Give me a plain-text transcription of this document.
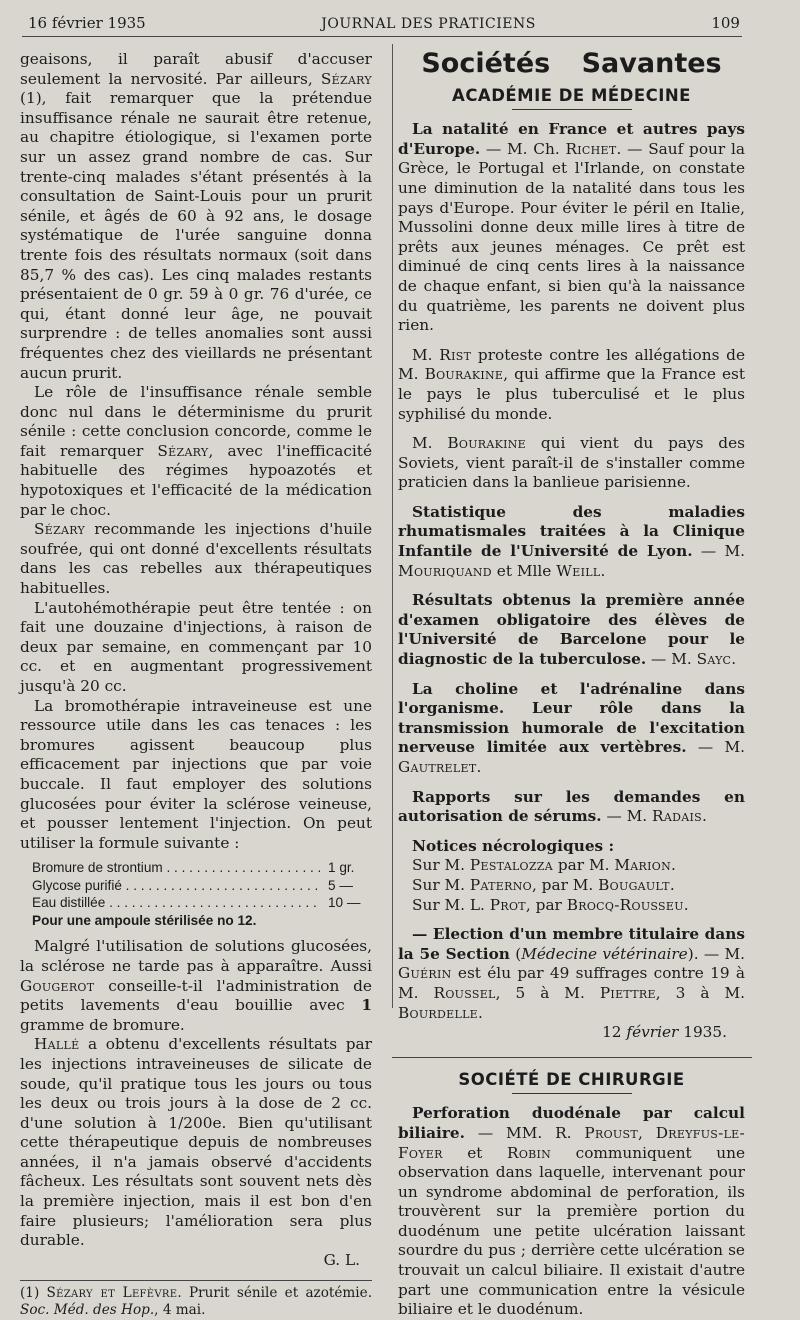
16 février 1935	JOURNAL DES PRATICIENS	109

geaisons, il paraît abusif d'accuser seulement la nervosité. Par ailleurs, Sézary (1), fait remarquer que la prétendue insuffisance rénale ne saurait être retenue, au chapitre étiologique, si l'examen porte sur un assez grand nombre de cas. Sur trente-cinq malades s'étant présentés à la consultation de Saint-Louis pour un prurit sénile, et âgés de 60 à 92 ans, le dosage systématique de l'urée sanguine donna trente fois des résultats normaux (soit dans 85,7 % des cas). Les cinq malades restants présentaient de 0 gr. 59 à 0 gr. 76 d'urée, ce qui, étant donné leur âge, ne pouvait surprendre : de telles anomalies sont aussi fréquentes chez des vieillards ne présentant aucun prurit.

Le rôle de l'insuffisance rénale semble donc nul dans le déterminisme du prurit sénile : cette conclusion concorde, comme le fait remarquer Sézary, avec l'inefficacité habituelle des régimes hypoazotés et hypotoxiques et l'efficacité de la médication par le choc.

Sézary recommande les injections d'huile soufrée, qui ont donné d'excellents résultats dans les cas rebelles aux thérapeutiques habituelles.

L'autohémothérapie peut être tentée : on fait une douzaine d'injections, à raison de deux par semaine, en commençant par 10 cc. et en augmentant progressivement jusqu'à 20 cc.

La bromothérapie intraveineuse est une ressource utile dans les cas tenaces : les bromures agissent beaucoup plus efficacement par injections que par voie buccale. Il faut employer des solutions glucosées pour éviter la sclérose veineuse, et pousser lentement l'injection. On peut utiliser la formule suivante :

Bromure de strontium . . .	1 gr.
Glycose purifié . . .	5 —
Eau distillée . . .	10 —
Pour une ampoule stérilisée no 12.

Malgré l'utilisation de solutions glucosées, la sclérose ne tarde pas à apparaître. Aussi Gougerot conseille-t-il l'administration de petits lavements d'eau bouillie avec 1 gramme de bromure.

Hallé a obtenu d'excellents résultats par les injections intraveineuses de silicate de soude, qu'il pratique tous les jours ou tous les deux ou trois jours à la dose de 2 cc. d'une solution à 1/200e. Bien qu'utilisant cette thérapeutique depuis de nombreuses années, il n'a jamais observé d'accidents fâcheux. Les résultats sont souvent nets dès la première injection, mais il est bon d'en faire plusieurs; l'amélioration sera plus durable.

G. L.

(1) Sézary et Lefèvre. Prurit sénile et azotémie. Soc. Méd. des Hop., 4 mai.

Sociétés Savantes
ACADÉMIE DE MÉDECINE

La natalité en France et autres pays d'Europe. — M. Ch. Richet. — Sauf pour la Grèce, le Portugal et l'Irlande, on constate une diminution de la natalité dans tous les pays d'Europe. Pour éviter le péril en Italie, Mussolini donne deux mille lires à titre de prêts aux jeunes ménages. Ce prêt est diminué de cinq cents lires à la naissance de chaque enfant, si bien qu'à la naissance du quatrième, les parents ne doivent plus rien.

M. Rist proteste contre les allégations de M. Bourakine, qui affirme que la France est le pays le plus tuberculisé et le plus syphilisé du monde.

M. Bourakine qui vient du pays des Soviets, vient paraît-il de s'installer comme praticien dans la banlieue parisienne.

Statistique des maladies rhumatismales traitées à la Clinique Infantile de l'Université de Lyon. — M. Mouriquand et Mlle Weill.

Résultats obtenus la première année d'examen obligatoire des élèves de l'Université de Barcelone pour le diagnostic de la tuberculose. — M. Sayc.

La choline et l'adrénaline dans l'organisme. Leur rôle dans la transmission humorale de l'excitation nerveuse limitée aux vertèbres. — M. Gautrelet.

Rapports sur les demandes en autorisation de sérums. — M. Radais.

Notices nécrologiques :
Sur M. Pestalozza par M. Marion.
Sur M. Paterno, par M. Bougault.
Sur M. L. Prot, par Brocq-Rousseu.

— Election d'un membre titulaire dans la 5e Section (Médecine vétérinaire). — M. Guérin est élu par 49 suffrages contre 19 à M. Roussel, 5 à M. Piettre, 3 à M. Bourdelle.

12 février 1935.

SOCIÉTÉ DE CHIRURGIE

Perforation duodénale par calcul biliaire. — MM. R. Proust, Dreyfus-le-Foyer et Robin communiquent une observation dans laquelle, intervenant pour un syndrome abdominal de perforation, ils trouvèrent sur la première portion du duodénum une petite ulcération laissant sourdre du pus ; derrière cette ulcération se trouvait un calcul biliaire. Il existait d'autre part une communication entre la vésicule biliaire et le duodénum.
